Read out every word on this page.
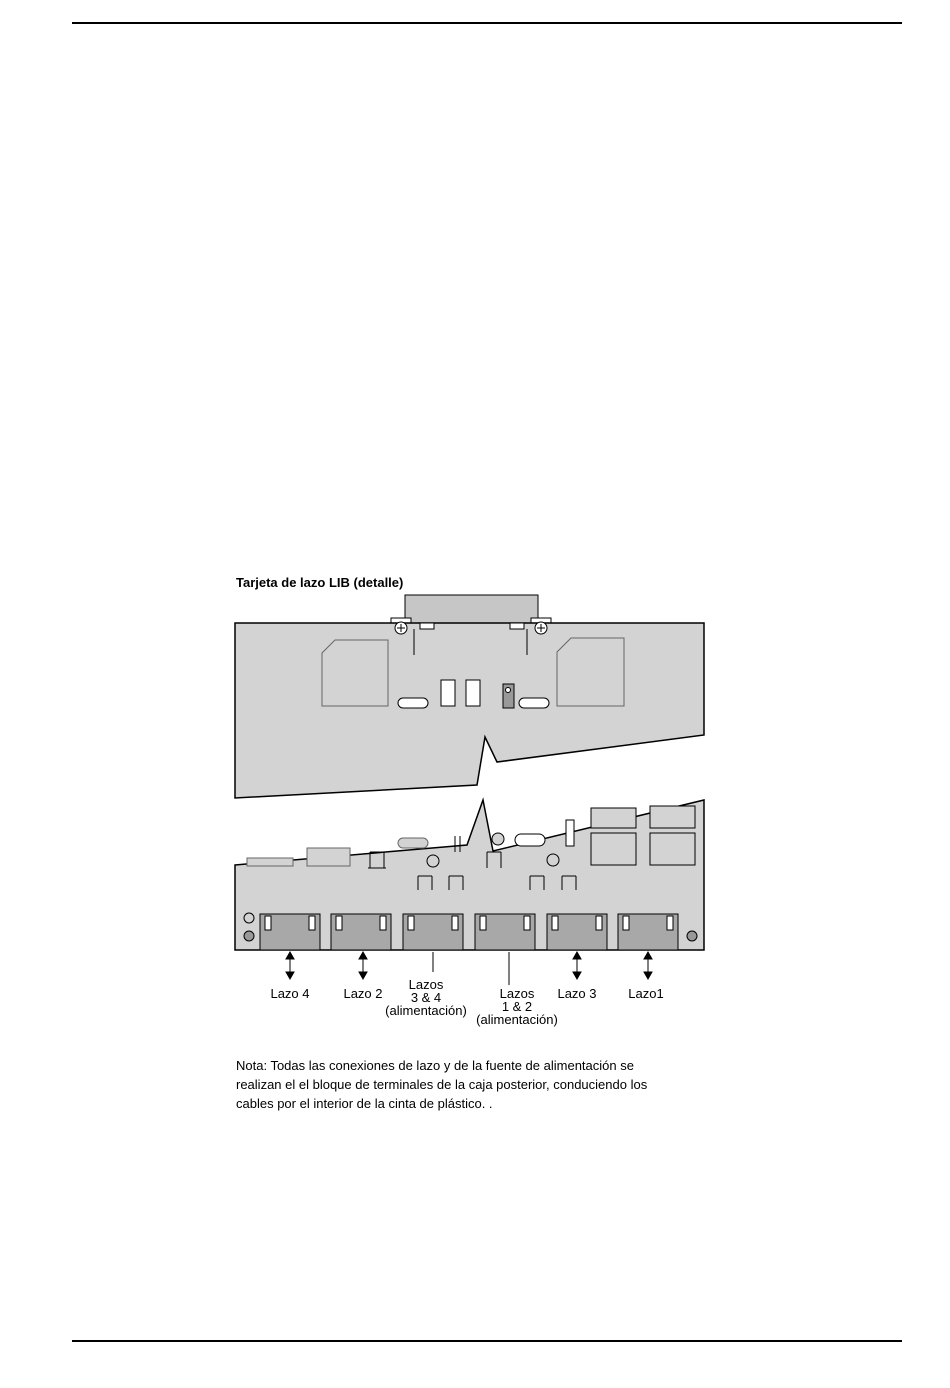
Tarjeta de lazo LIB (detalle)
Lazo 4	Lazo 2
Lazos
3 & 4
(alimentación)
Lazos
1 & 2
(alimentación)
Lazo 3 Lazo1
Nota: Todas las conexiones de lazo y de la fuente de alimentación se
realizan el el bloque de terminales de la caja posterior, conduciendo los
cables por el interior de la cinta de plástico. .
